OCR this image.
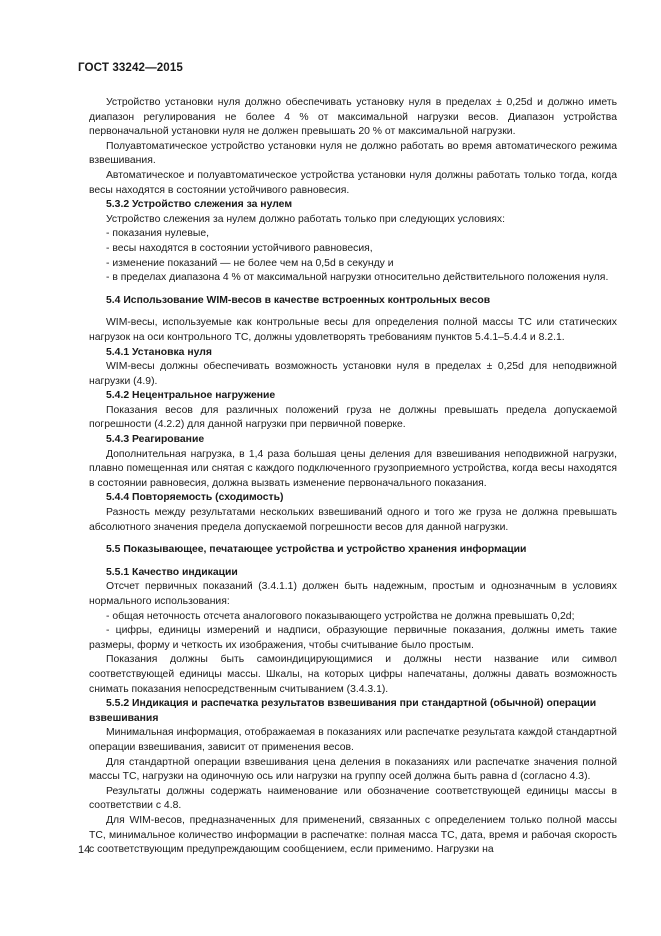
ГОСТ 33242—2015

Устройство установки нуля должно обеспечивать установку нуля в пределах ± 0,25d и должно иметь диапазон регулирования не более 4 % от максимальной нагрузки весов. Диапазон устройства первоначальной установки нуля не должен превышать 20 % от максимальной нагрузки.

Полуавтоматическое устройство установки нуля не должно работать во время автоматического режима взвешивания.

Автоматическое и полуавтоматическое устройства установки нуля должны работать только тогда, когда весы находятся в состоянии устойчивого равновесия.

5.3.2 Устройство слежения за нулем

Устройство слежения за нулем должно работать только при следующих условиях:

- показания нулевые,

- весы находятся в состоянии устойчивого равновесия,

- изменение показаний — не более чем на 0,5d в секунду и

- в пределах диапазона 4 % от максимальной нагрузки относительно действительного положения нуля.

5.4 Использование WIM-весов в качестве встроенных контрольных весов

WIM-весы, используемые как контрольные весы для определения полной массы ТС или статических нагрузок на оси контрольного ТС, должны удовлетворять требованиям пунктов 5.4.1–5.4.4 и 8.2.1.

5.4.1 Установка нуля

WIM-весы должны обеспечивать возможность установки нуля в пределах ± 0,25d для неподвижной нагрузки (4.9).

5.4.2 Нецентральное нагружение

Показания весов для различных положений груза не должны превышать предела допускаемой погрешности (4.2.2) для данной нагрузки при первичной поверке.

5.4.3 Реагирование

Дополнительная нагрузка, в 1,4 раза большая цены деления для взвешивания неподвижной нагрузки, плавно помещенная или снятая с каждого подключенного грузоприемного устройства, когда весы находятся в состоянии равновесия, должна вызвать изменение первоначального показания.

5.4.4 Повторяемость (сходимость)

Разность между результатами нескольких взвешиваний одного и того же груза не должна превышать абсолютного значения предела допускаемой погрешности весов для данной нагрузки.

5.5 Показывающее, печатающее устройства и устройство хранения информации
5.5.1 Качество индикации

Отсчет первичных показаний (3.4.1.1) должен быть надежным, простым и однозначным в условиях нормального использования:

- общая неточность отсчета аналогового показывающего устройства не должна превышать 0,2d;

- цифры, единицы измерений и надписи, образующие первичные показания, должны иметь такие размеры, форму и четкость их изображения, чтобы считывание было простым.

Показания должны быть самоиндицирующимися и должны нести название или символ соответствующей единицы массы. Шкалы, на которых цифры напечатаны, должны давать возможность снимать показания непосредственным считыванием (3.4.3.1).

5.5.2 Индикация и распечатка результатов взвешивания при стандартной (обычной) операции взвешивания

Минимальная информация, отображаемая в показаниях или распечатке результата каждой стандартной операции взвешивания, зависит от применения весов.

Для стандартной операции взвешивания цена деления в показаниях или распечатке значения полной массы ТС, нагрузки на одиночную ось или нагрузки на группу осей должна быть равна d (согласно 4.3).

Результаты должны содержать наименование или обозначение соответствующей единицы массы в соответствии с 4.8.

Для WIM-весов, предназначенных для применений, связанных с определением только полной массы ТС, минимальное количество информации в распечатке: полная масса ТС, дата, время и рабочая скорость с соответствующим предупреждающим сообщением, если применимо. Нагрузки на

14
